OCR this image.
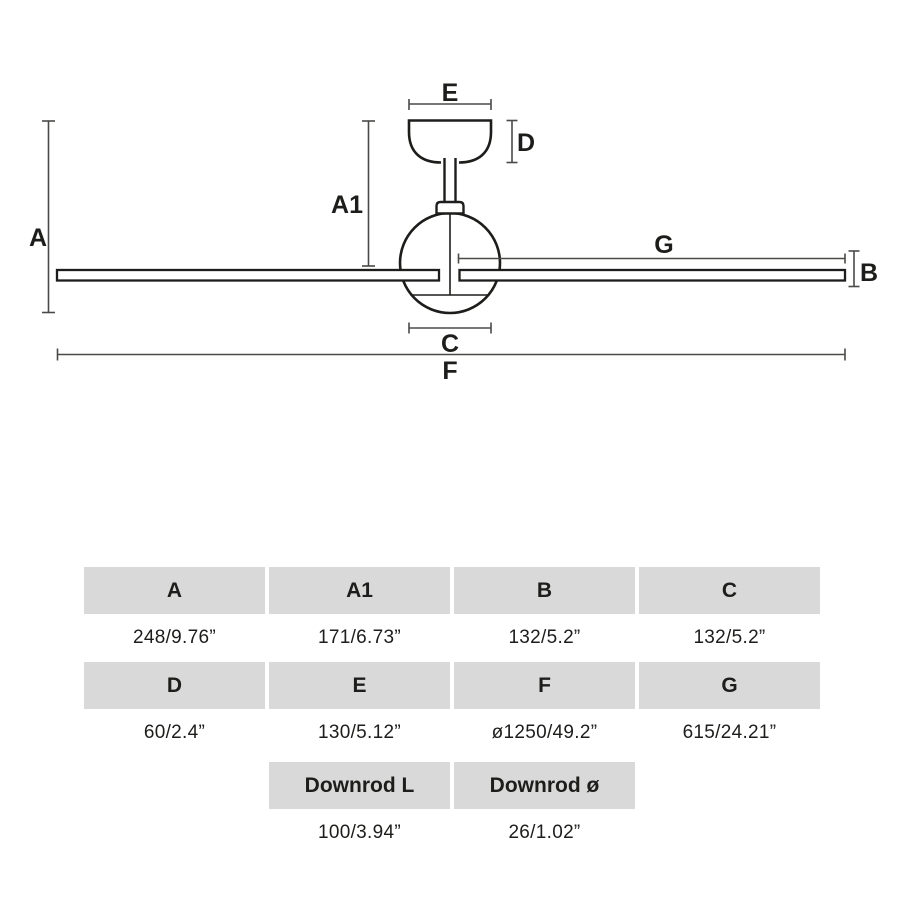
A
A1
E
D
G
B
C
F
A	A1	B	C
248/9.76”	171/6.73”	132/5.2”	132/5.2”
D	E	F	G
60/2.4”	130/5.12”	ø1250/49.2”	615/24.21”
Downrod L	Downrod ø
100/3.94”	26/1.02”
